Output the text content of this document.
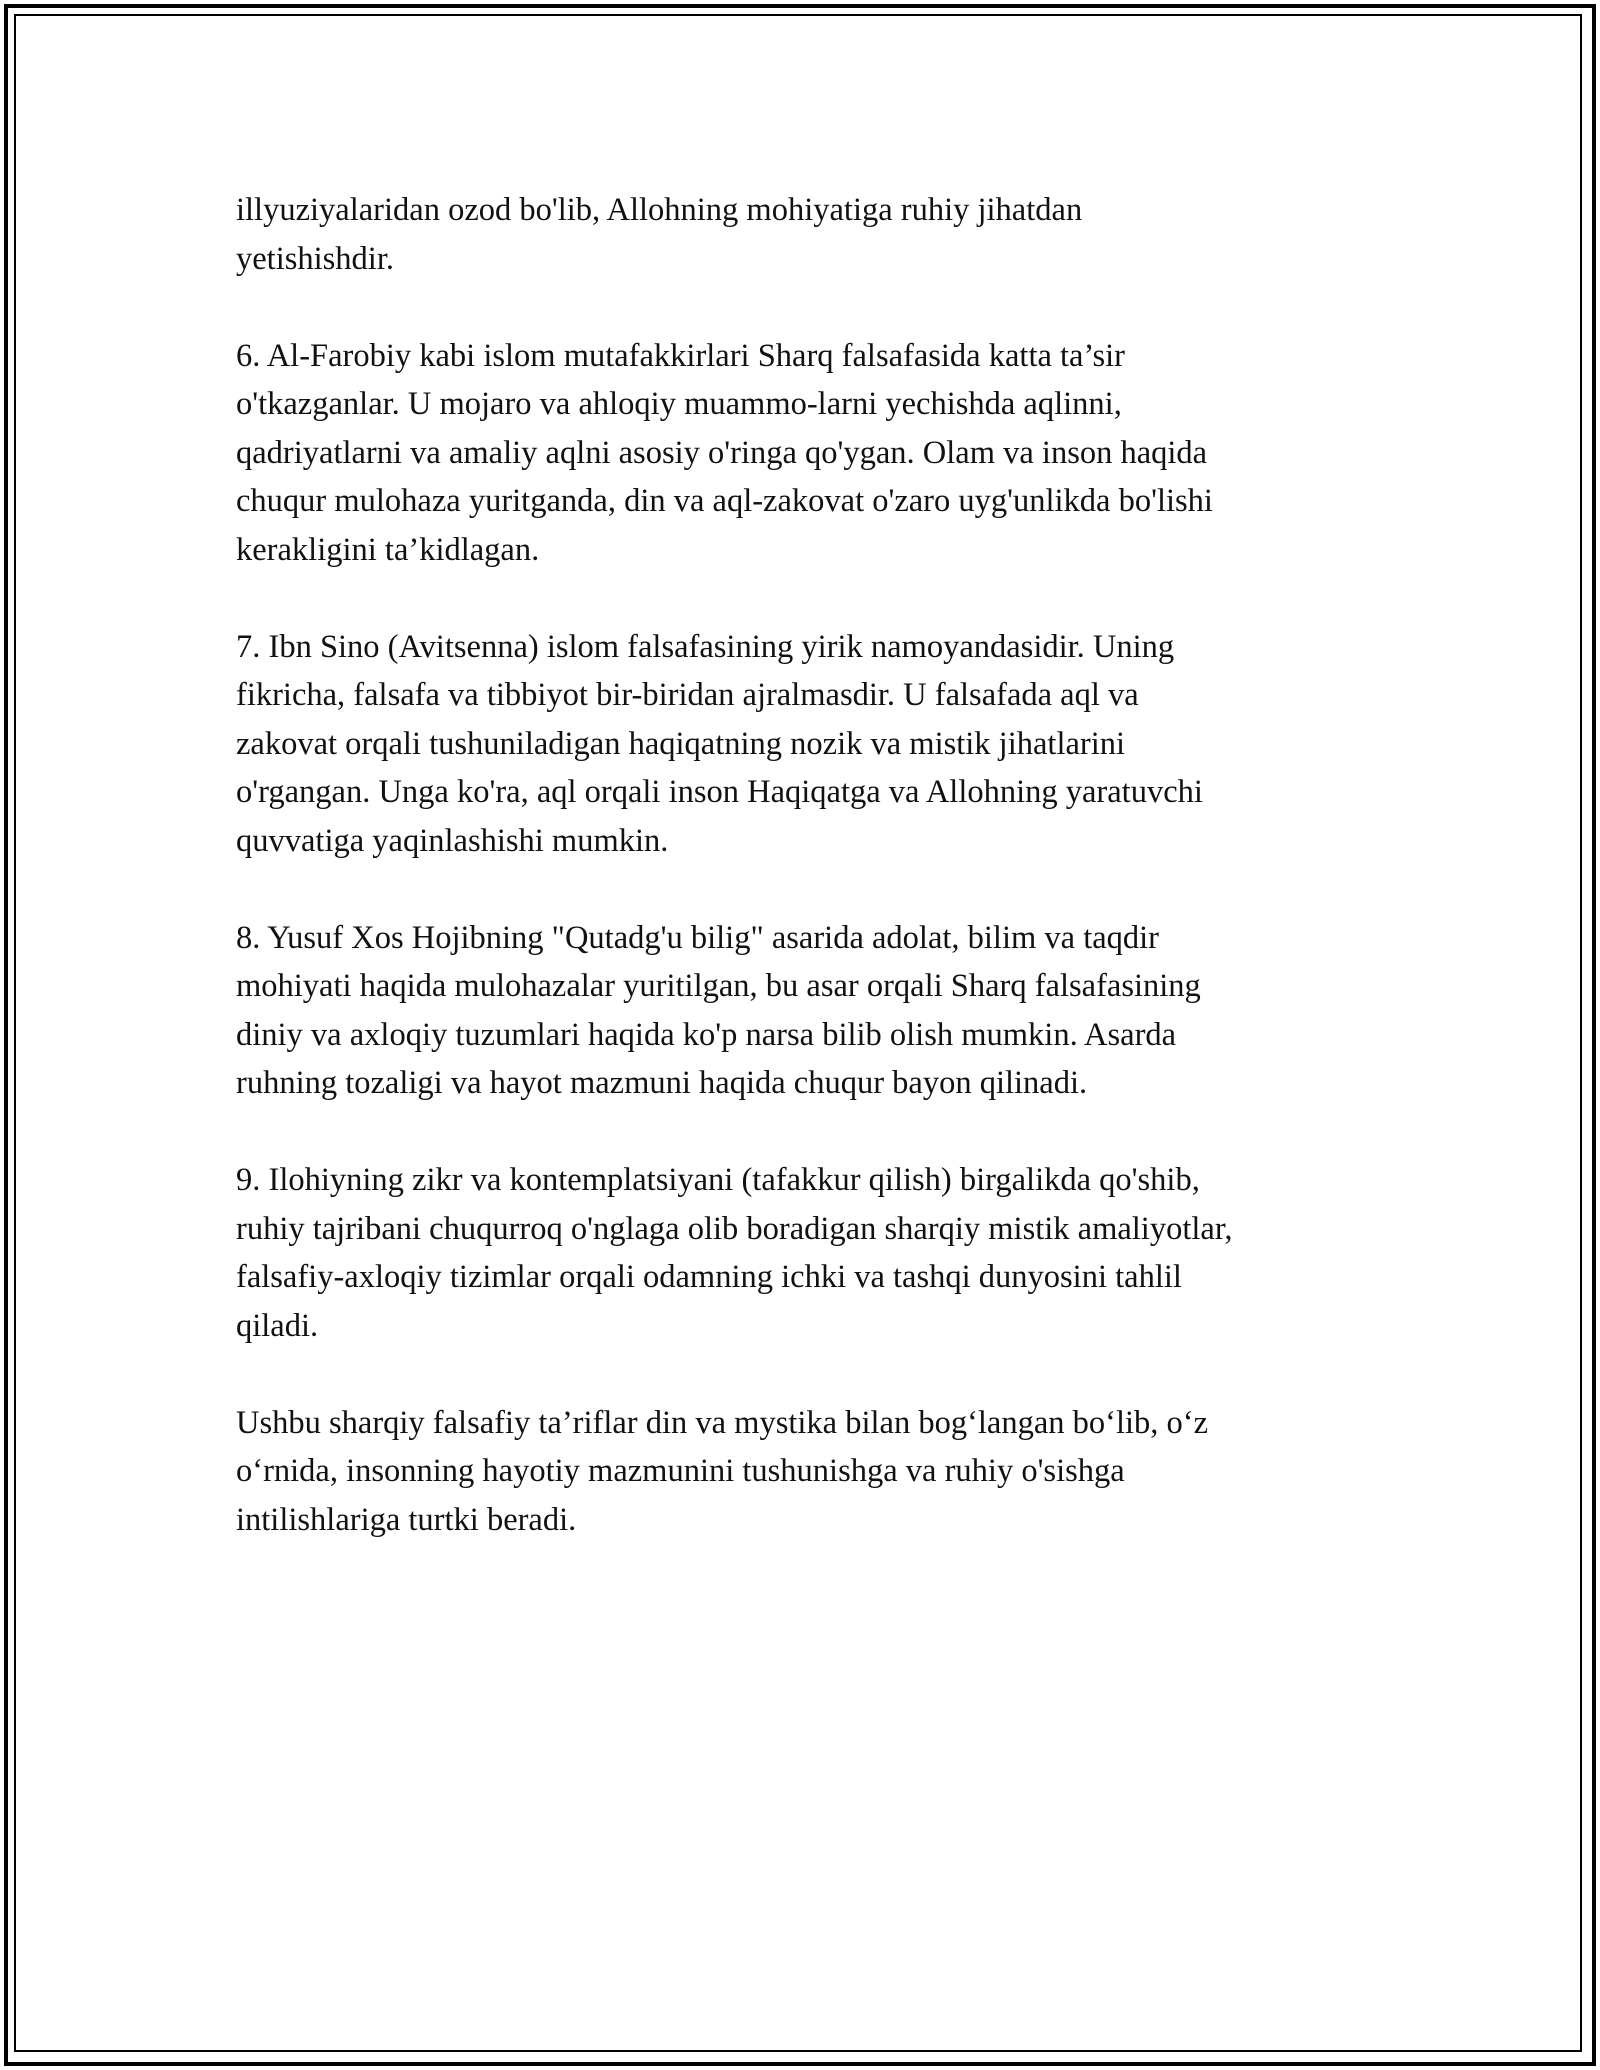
illyuziyalaridan ozod bo'lib, Allohning mohiyatiga ruhiy jihatdan
yetishishdir.

6. Al-Farobiy kabi islom mutafakkirlari Sharq falsafasida katta ta’sir
o'tkazganlar. U mojaro va ahloqiy muammo-larni yechishda aqlinni,
qadriyatlarni va amaliy aqlni asosiy o'ringa qo'ygan. Olam va inson haqida
chuqur mulohaza yuritganda, din va aql-zakovat o'zaro uyg'unlikda bo'lishi
kerakligini ta’kidlagan.

7. Ibn Sino (Avitsenna) islom falsafasining yirik namoyandasidir. Uning
fikricha, falsafa va tibbiyot bir-biridan ajralmasdir. U falsafada aql va
zakovat orqali tushuniladigan haqiqatning nozik va mistik jihatlarini
o'rgangan. Unga ko'ra, aql orqali inson Haqiqatga va Allohning yaratuvchi
quvvatiga yaqinlashishi mumkin.

8. Yusuf Xos Hojibning "Qutadg'u bilig" asarida adolat, bilim va taqdir
mohiyati haqida mulohazalar yuritilgan, bu asar orqali Sharq falsafasining
diniy va axloqiy tuzumlari haqida ko'p narsa bilib olish mumkin. Asarda
ruhning tozaligi va hayot mazmuni haqida chuqur bayon qilinadi.

9. Ilohiyning zikr va kontemplatsiyani (tafakkur qilish) birgalikda qo'shib,
ruhiy tajribani chuqurroq o'nglaga olib boradigan sharqiy mistik amaliyotlar,
falsafiy-axloqiy tizimlar orqali odamning ichki va tashqi dunyosini tahlil
qiladi.

Ushbu sharqiy falsafiy ta’riflar din va mystika bilan bog‘langan bo‘lib, o‘z
o‘rnida, insonning hayotiy mazmunini tushunishga va ruhiy o'sishga
intilishlariga turtki beradi.
